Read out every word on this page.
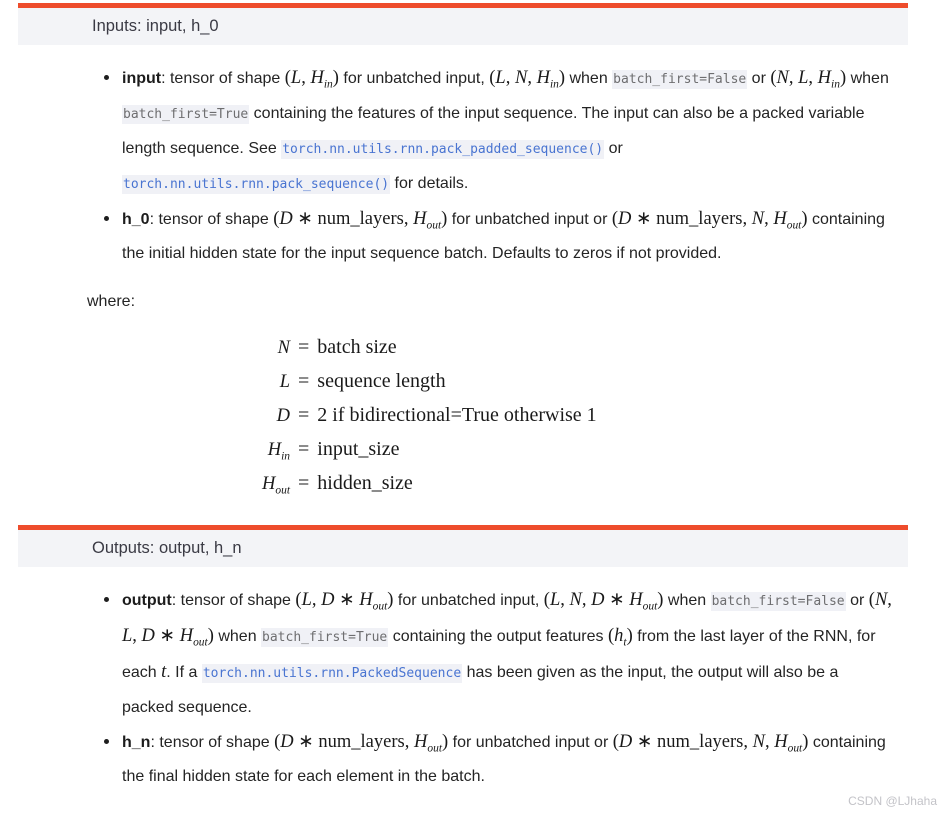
Inputs: input, h_0
input: tensor of shape (L, $H_{in}$) for unbatched input, (L, N, $H_{in}$) when batch_first=False or (N, L, $H_{in}$) when batch_first=True containing the features of the input sequence. The input can also be a packed variable length sequence. See torch.nn.utils.rnn.pack_padded_sequence() or torch.nn.utils.rnn.pack_sequence() for details.
h_0: tensor of shape (D ∗ num_layers, $H_{out}$) for unbatched input or (D ∗ num_layers, N, $H_{out}$) containing the initial hidden state for the input sequence batch. Defaults to zeros if not provided.

where:

N = batch size
L = sequence length
D = 2 if bidirectional=True otherwise 1
$H_{in}$ = input_size
$H_{out}$ = hidden_size
Outputs: output, h_n
output: tensor of shape (L, D ∗ $H_{out}$) for unbatched input, (L, N, D ∗ $H_{out}$) when batch_first=False or (N, L, D ∗ $H_{out}$) when batch_first=True containing the output features $(h_t)$ from the last layer of the RNN, for each t. If a torch.nn.utils.rnn.PackedSequence has been given as the input, the output will also be a packed sequence.
h_n: tensor of shape (D ∗ num_layers, $H_{out}$) for unbatched input or (D ∗ num_layers, N, $H_{out}$) containing the final hidden state for each element in the batch.
CSDN @LJhaha
